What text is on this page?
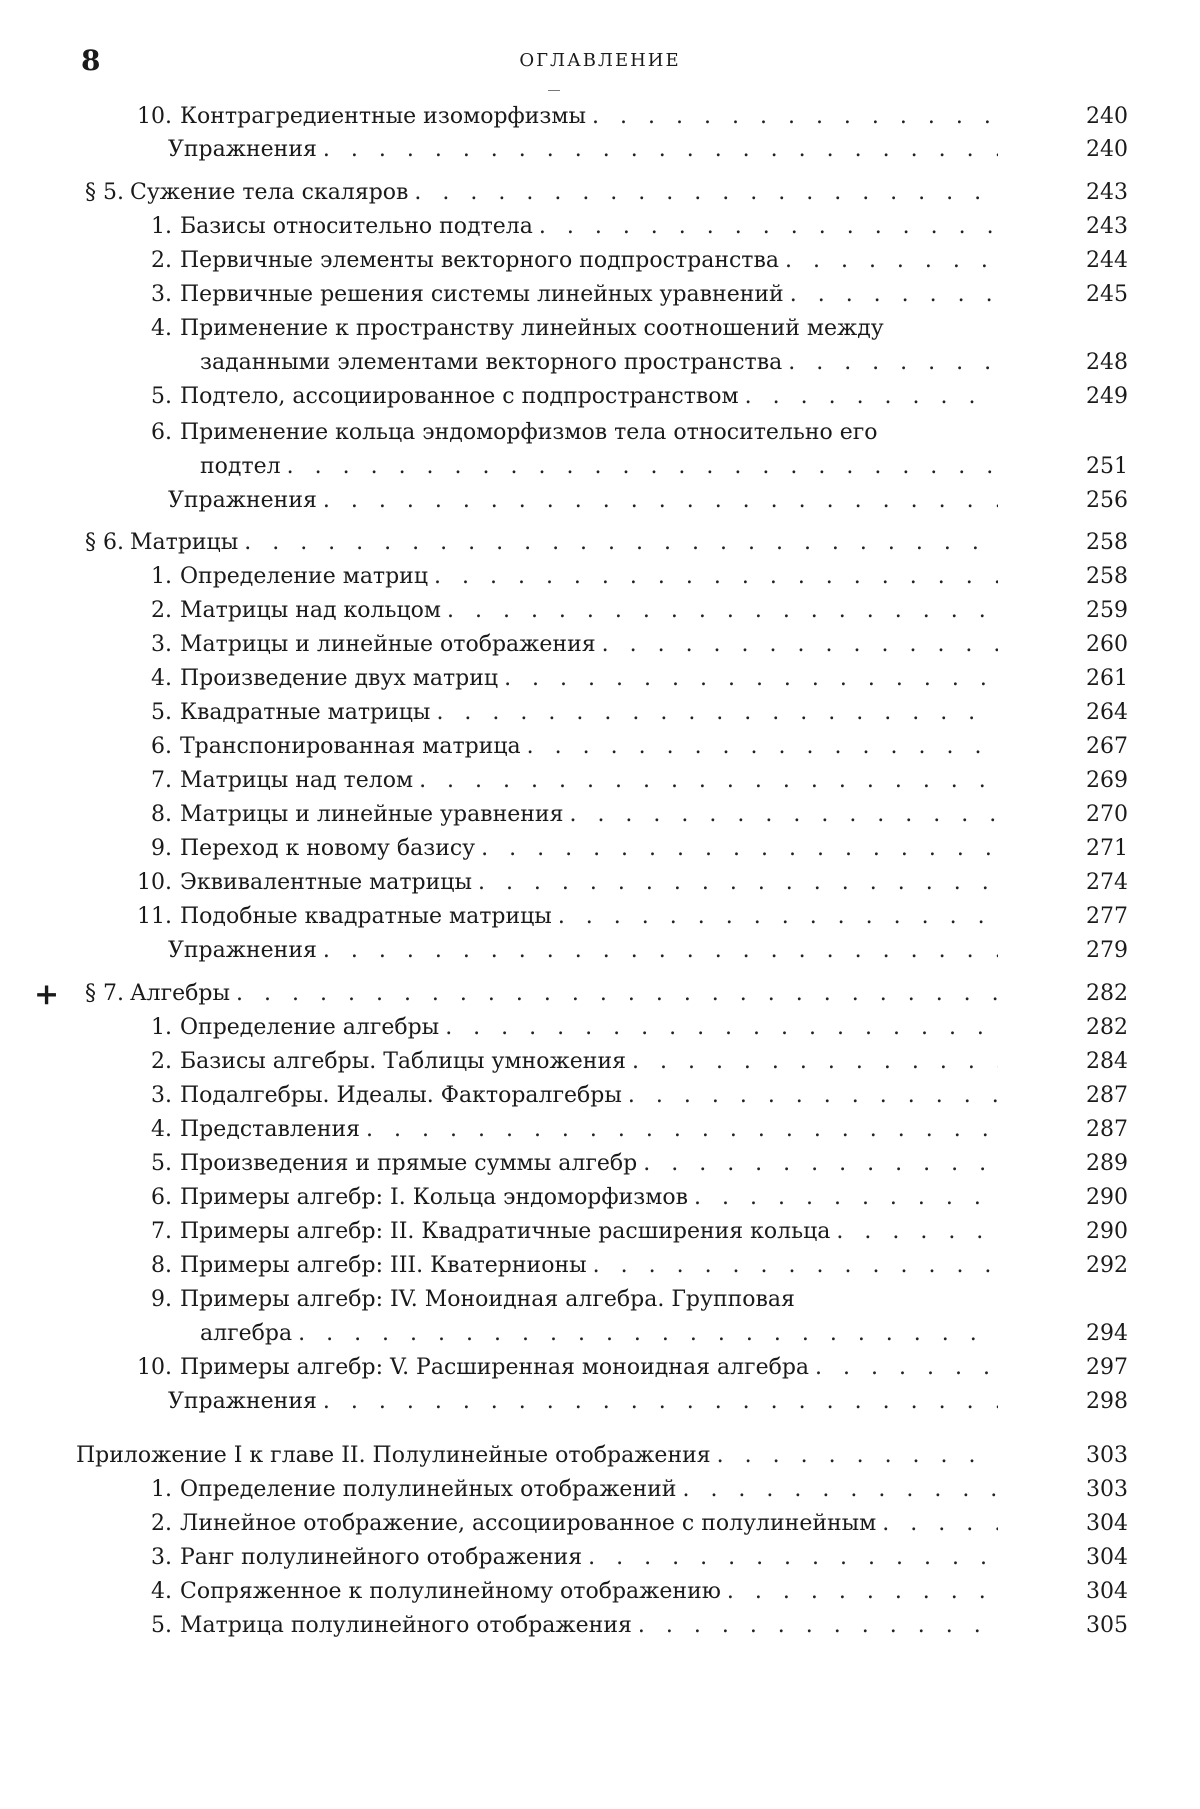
8	ОГЛАВЛЕНИЕ
+
10. Контрагредиентные изоморфизмы . . . . . . . . . . . . . . .	240
Упражнения . . . . . . . . . . . . . . . . . . . . . . . .	240
§ 5. Сужение тела скаляров . . . . . . . . . . . . . . . . . . . . .	243
1. Базисы относительно подтела . . . . . . . . . . . . . . . .	243
2. Первичные элементы векторного подпространства . . . . . . . .	244
3. Первичные решения системы линейных уравнений . . . . . . .	245
4. Применение к пространству линейных соотношений между
заданными элементами векторного пространства . . . . . . . .	248
5. Подтело, ассоциированное с подпространством . . . . . . . . .	249
6. Применение кольца эндоморфизмов тела относительно его
подтел . . . . . . . . . . . . . . . . . . . . . . . . .	251
Упражнения . . . . . . . . . . . . . . . . . . . . . . . .	256
§ 6. Матрицы . . . . . . . . . . . . . . . . . . . . . . . . . . .	258
1. Определение матриц . . . . . . . . . . . . . . . . . . . .	258
2. Матрицы над кольцом . . . . . . . . . . . . . . . . . . . .	259
3. Матрицы и линейные отображения . . . . . . . . . . . . . .	260
4. Произведение двух матриц . . . . . . . . . . . . . . . . . .	261
5. Квадратные матрицы . . . . . . . . . . . . . . . . . . . .	264
6. Транспонированная матрица . . . . . . . . . . . . . . . . .	267
7. Матрицы над телом . . . . . . . . . . . . . . . . . . . . .	269
8. Матрицы и линейные уравнения . . . . . . . . . . . . . . .	270
9. Переход к новому базису . . . . . . . . . . . . . . . . . . .	271
10. Эквивалентные матрицы . . . . . . . . . . . . . . . . . . .	274
11. Подобные квадратные матрицы . . . . . . . . . . . . . . . .	277
Упражнения . . . . . . . . . . . . . . . . . . . . . . . .	279
§ 7. Алгебры . . . . . . . . . . . . . . . . . . . . . . . . . . .	282
1. Определение алгебры . . . . . . . . . . . . . . . . . . . .	282
2. Базисы алгебры. Таблицы умножения . . . . . . . . . . . . .	284
3. Подалгебры. Идеалы. Факторалгебры . . . . . . . . . . . . .	287
4. Представления . . . . . . . . . . . . . . . . . . . . . . .	287
5. Произведения и прямые суммы алгебр . . . . . . . . . . . . .	289
6. Примеры алгебр: I. Кольца эндоморфизмов . . . . . . . . . . .	290
7. Примеры алгебр: II. Квадратичные расширения кольца . . . . . .	290
8. Примеры алгебр: III. Кватернионы . . . . . . . . . . . . . . .	292
9. Примеры алгебр: IV. Моноидная алгебра. Групповая
алгебра . . . . . . . . . . . . . . . . . . . . . . . . .	294
10. Примеры алгебр: V. Расширенная моноидная алгебра . . . . . . .	297
Упражнения . . . . . . . . . . . . . . . . . . . . . . . .	298
Приложение I к главе II. Полулинейные отображения . . . . . . . . . .	303
1. Определение полулинейных отображений . . . . . . . . . . .	303
2. Линейное отображение, ассоциированное с полулинейным . . . .	304
3. Ранг полулинейного отображения . . . . . . . . . . . . . . .	304
4. Сопряженное к полулинейному отображению . . . . . . . . . .	304
5. Матрица полулинейного отображения . . . . . . . . . . . . .	305
